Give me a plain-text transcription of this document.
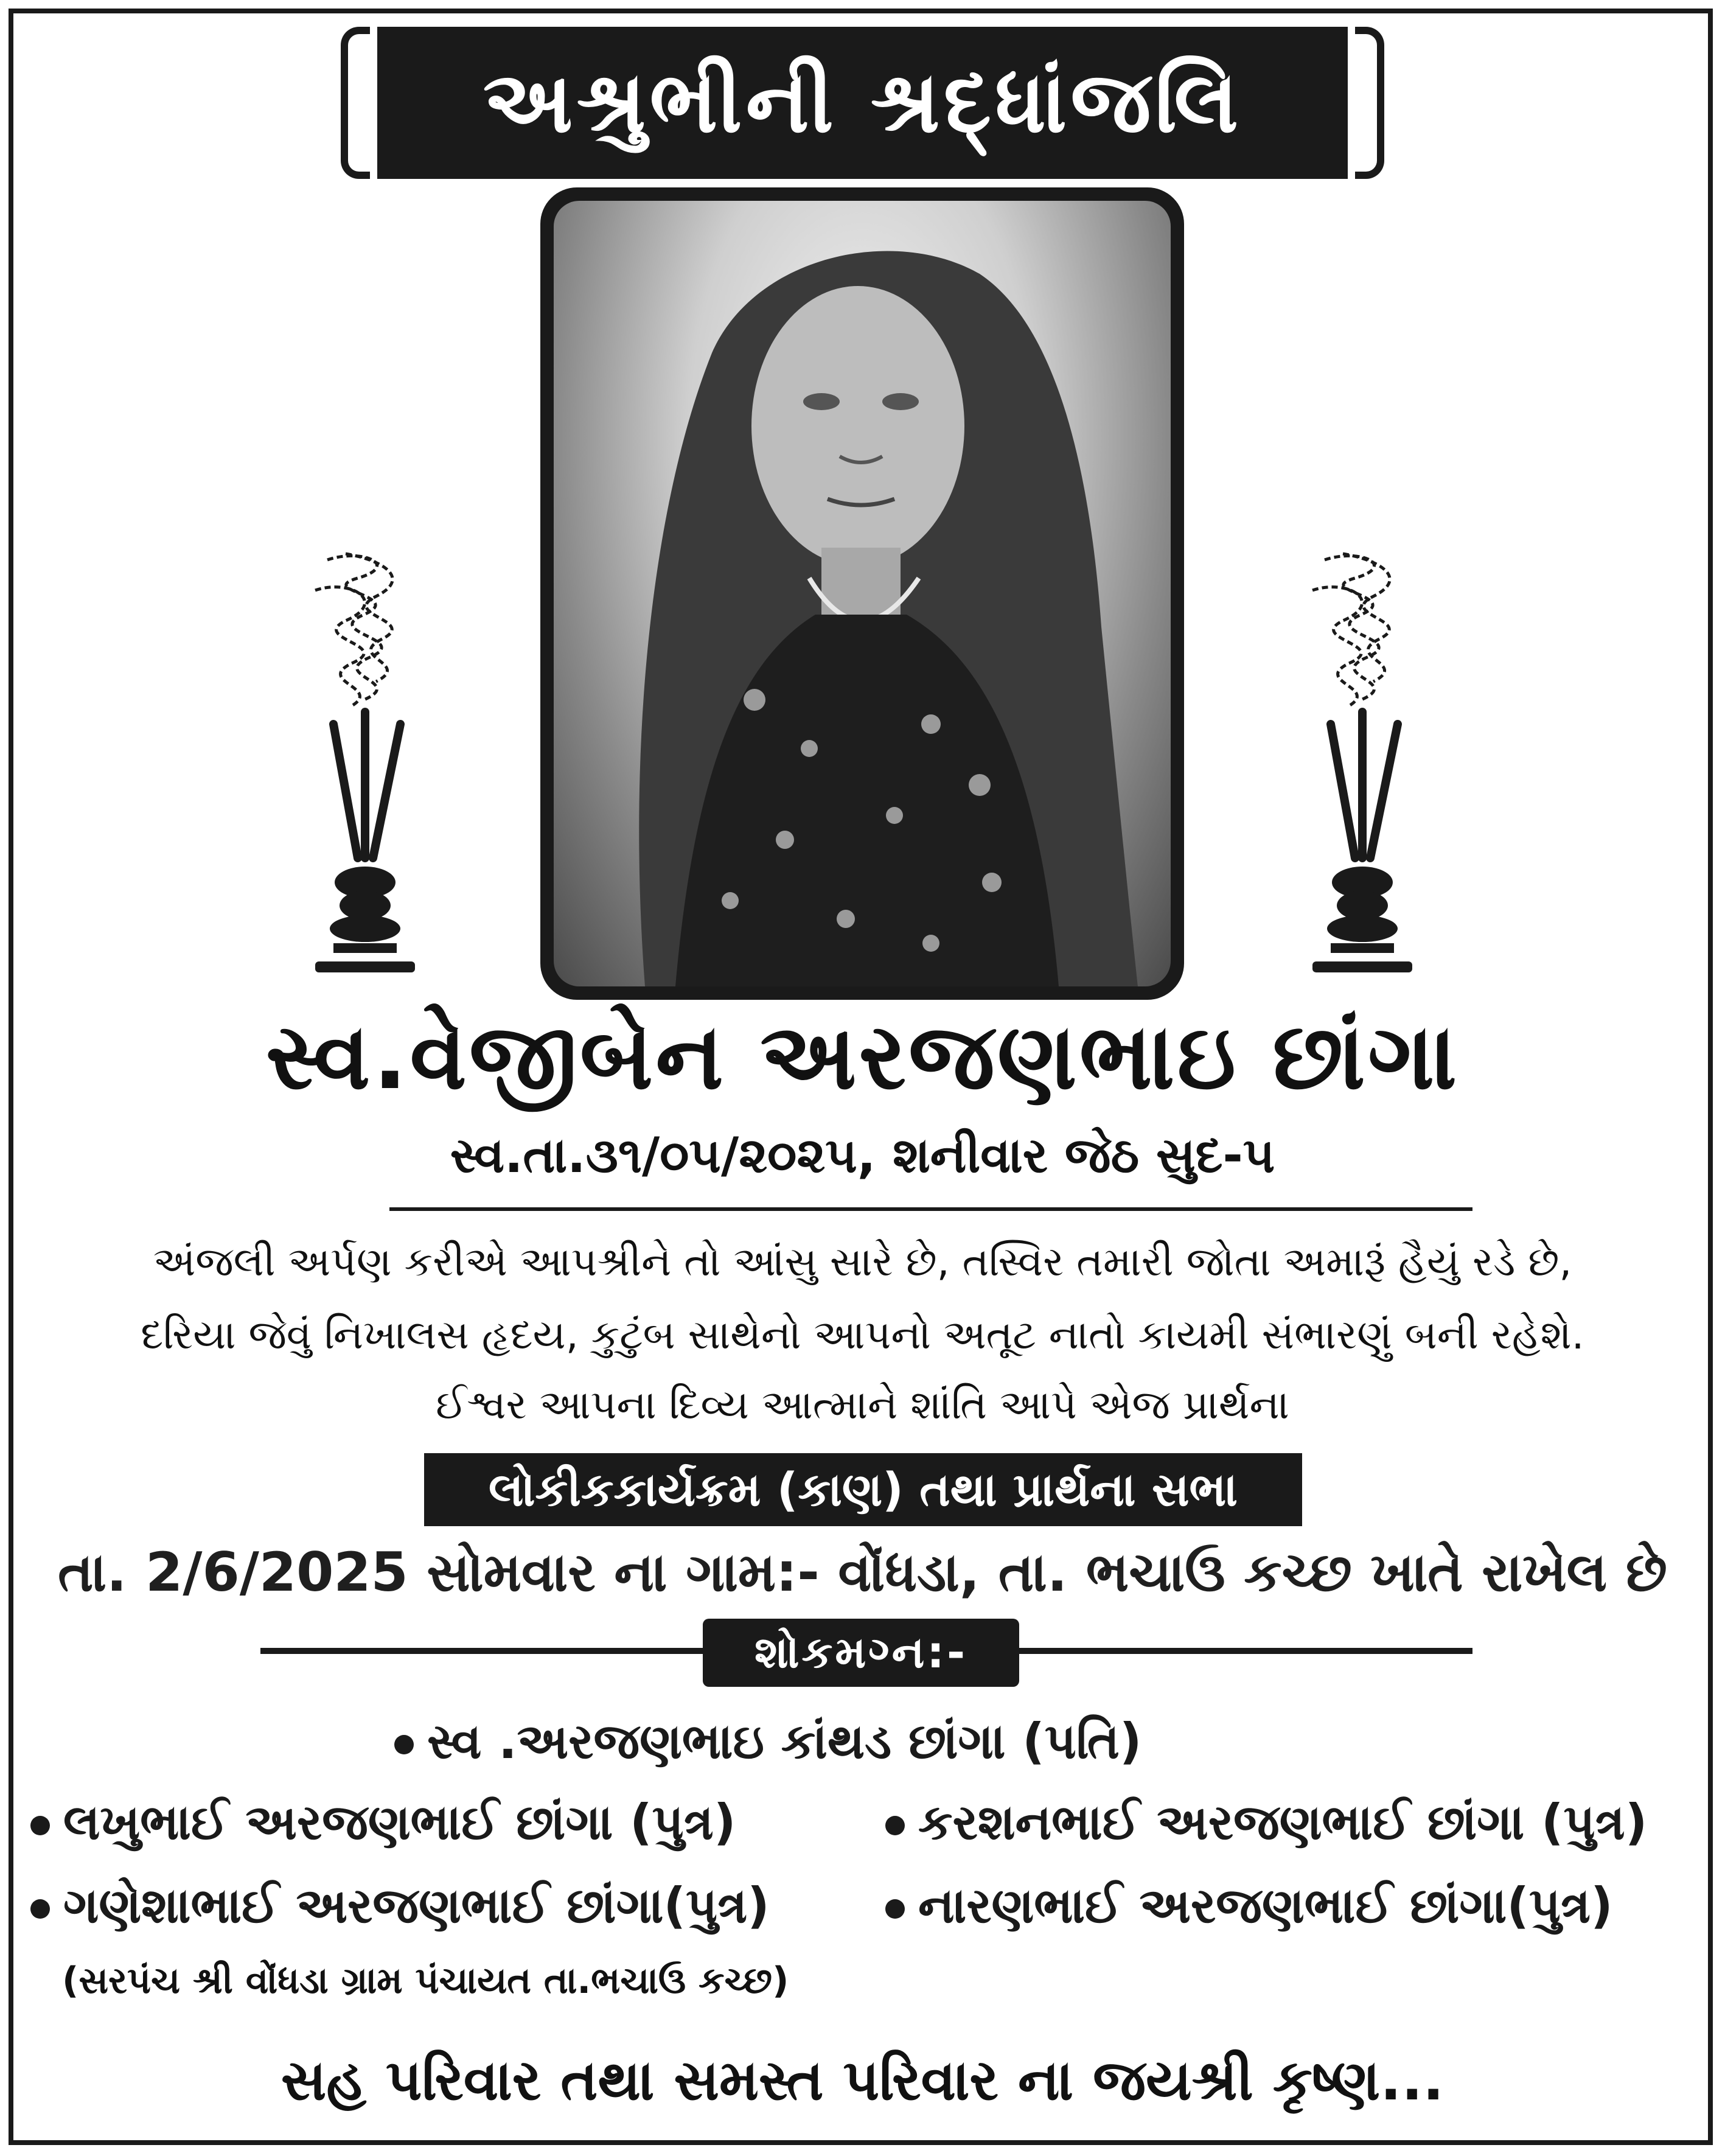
અશ્રુભીની શ્રદ્ધાંજલિ
સ્વ.વેજીબેન અરજણભાઇ છાંગા
સ્વ.તા.૩૧/૦૫/૨૦૨૫, શનીવાર જેઠ સુદ-૫
અંજલી અર્પણ કરીએ આપશ્રીને તો આંસુ સારે છે, તસ્વિર તમારી જોતા અમારૂં હૈયું રડે છે,
દરિયા જેવું નિખાલસ હૃદય, કુટુંબ સાથેનો આપનો અતૂટ નાતો કાયમી સંભારણું બની રહેશે.
ઈશ્વર આપના દિવ્ય આત્માને શાંતિ આપે એજ પ્રાર્થના
લોકીકકાર્યક્રમ (કાણ) તથા પ્રાર્થના સભા
તા. 2/6/2025 સોમવાર ના ગામ:- વોંધડા, તા. ભચાઉ કચ્છ ખાતે રાખેલ છે
શોકમગ્ન:-
સ્વ .અરજણભાઇ કાંથડ છાંગા (પતિ)
લખુભાઈ અરજણભાઈ છાંગા (પુત્ર)	કરશનભાઈ અરજણભાઈ છાંગા (પુત્ર)
ગણેશાભાઈ અરજણભાઈ છાંગા(પુત્ર)	નારણભાઈ અરજણભાઈ છાંગા(પુત્ર)
(સરપંચ શ્રી વોંધડા ગ્રામ પંચાયત તા.ભચાઉ કચ્છ)
સહ પરિવાર તથા સમસ્ત પરિવાર ના જયશ્રી કૃષ્ણ...
